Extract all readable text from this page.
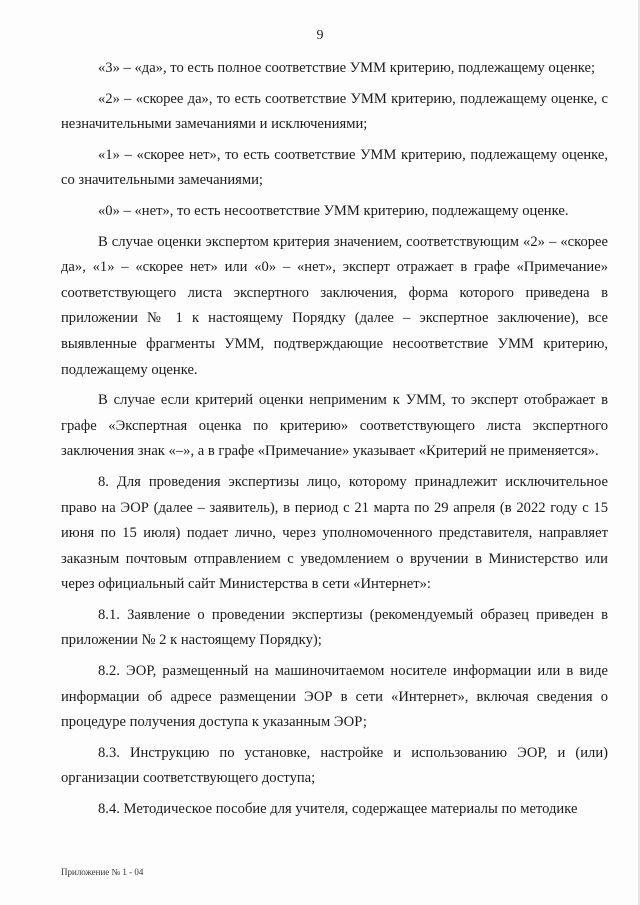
9

«3» – «да», то есть полное соответствие УММ критерию, подлежащему оценке;

«2» – «скорее да», то есть соответствие УММ критерию, подлежащему оценке, с незначительными замечаниями и исключениями;

«1» – «скорее нет», то есть соответствие УММ критерию, подлежащему оценке, со значительными замечаниями;

«0» – «нет», то есть несоответствие УММ критерию, подлежащему оценке.

В случае оценки экспертом критерия значением, соответствующим «2» – «скорее да», «1» – «скорее нет» или «0» – «нет», эксперт отражает в графе «Примечание» соответствующего листа экспертного заключения, форма которого приведена в приложении № 1 к настоящему Порядку (далее – экспертное заключение), все выявленные фрагменты УММ, подтверждающие несоответствие УММ критерию, подлежащему оценке.

В случае если критерий оценки неприменим к УММ, то эксперт отображает в графе «Экспертная оценка по критерию» соответствующего листа экспертного заключения знак «–», а в графе «Примечание» указывает «Критерий не применяется».

8. Для проведения экспертизы лицо, которому принадлежит исключительное право на ЭОР (далее – заявитель), в период с 21 марта по 29 апреля (в 2022 году с 15 июня по 15 июля) подает лично, через уполномоченного представителя, направляет заказным почтовым отправлением с уведомлением о вручении в Министерство или через официальный сайт Министерства в сети «Интернет»:

8.1. Заявление о проведении экспертизы (рекомендуемый образец приведен в приложении № 2 к настоящему Порядку);

8.2. ЭОР, размещенный на машиночитаемом носителе информации или в виде информации об адресе размещении ЭОР в сети «Интернет», включая сведения о процедуре получения доступа к указанным ЭОР;

8.3. Инструкцию по установке, настройке и использованию ЭОР, и (или) организации соответствующего доступа;

8.4. Методическое пособие для учителя, содержащее материалы по методике

Приложение № 1 - 04
